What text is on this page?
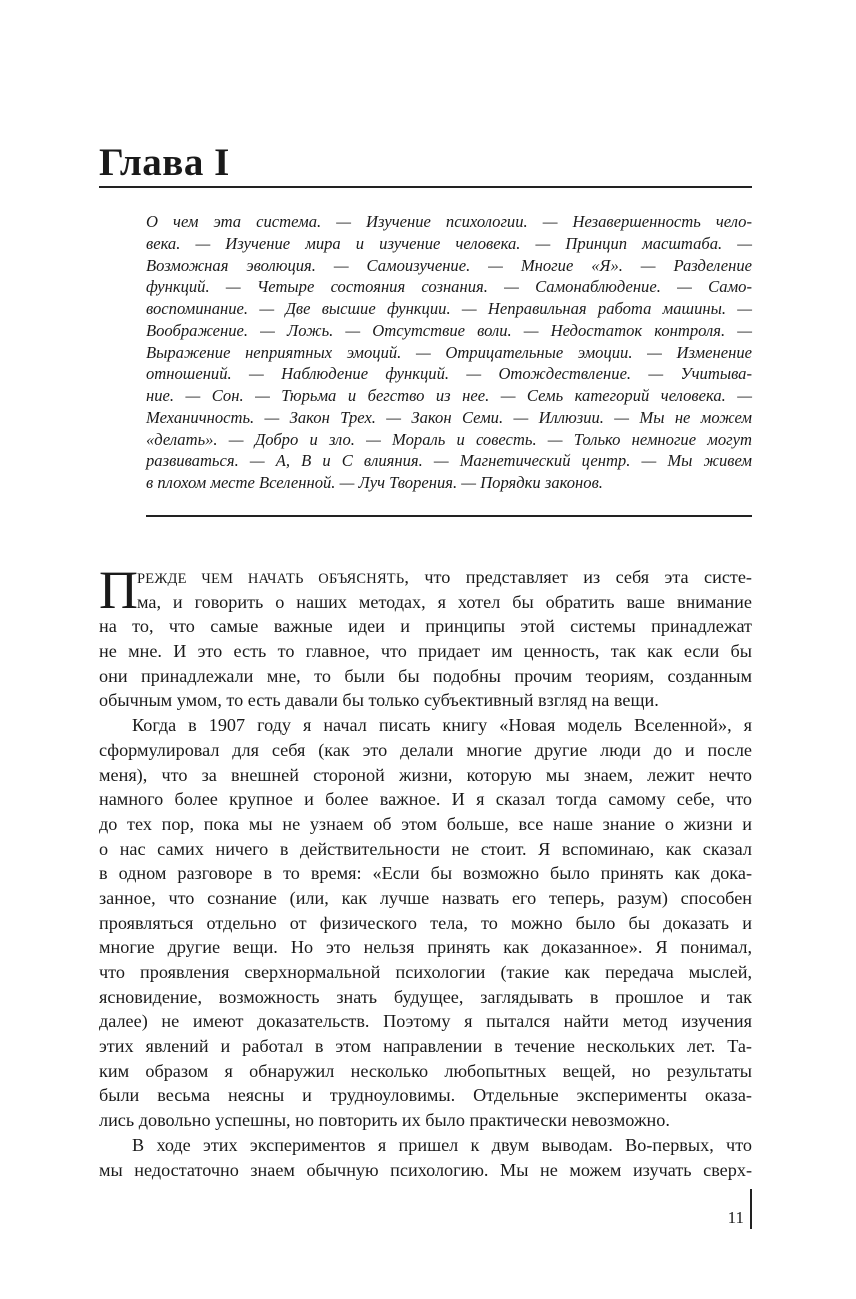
Глава I
О чем эта система. — Изучение психологии. — Незавершенность чело-
века. — Изучение мира и изучение человека. — Принцип масштаба. —
Возможная эволюция. — Самоизучение. — Многие «Я». — Разделение
функций. — Четыре состояния сознания. — Самонаблюдение. — Само-
воспоминание. — Две высшие функции. — Неправильная работа машины. —
Воображение. — Ложь. — Отсутствие воли. — Недостаток контроля. —
Выражение неприятных эмоций. — Отрицательные эмоции. — Изменение
отношений. — Наблюдение функций. — Отождествление. — Учитыва-
ние. — Сон. — Тюрьма и бегство из нее. — Семь категорий человека. —
Механичность. — Закон Трех. — Закон Семи. — Иллюзии. — Мы не можем
«делать». — Добро и зло. — Мораль и совесть. — Только немногие могут
развиваться. — А, В и С влияния. — Магнетический центр. — Мы живем
в плохом месте Вселенной. — Луч Творения. — Порядки законов.
П РЕЖДЕ ЧЕМ НАЧАТЬ ОБЪЯСНЯТЬ, что представляет из себя эта систе-
ма, и говорить о наших методах, я хотел бы обратить ваше внимание
на то, что самые важные идеи и принципы этой системы принадлежат
не мне. И это есть то главное, что придает им ценность, так как если бы
они принадлежали мне, то были бы подобны прочим теориям, созданным
обычным умом, то есть давали бы только субъективный взгляд на вещи.
Когда в 1907 году я начал писать книгу «Новая модель Вселенной», я
сформулировал для себя (как это делали многие другие люди до и после
меня), что за внешней стороной жизни, которую мы знаем, лежит нечто
намного более крупное и более важное. И я сказал тогда самому себе, что
до тех пор, пока мы не узнаем об этом больше, все наше знание о жизни и
о нас самих ничего в действительности не стоит. Я вспоминаю, как сказал
в одном разговоре в то время: «Если бы возможно было принять как дока-
занное, что сознание (или, как лучше назвать его теперь, разум) способен
проявляться отдельно от физического тела, то можно было бы доказать и
многие другие вещи. Но это нельзя принять как доказанное». Я понимал,
что проявления сверхнормальной психологии (такие как передача мыслей,
ясновидение, возможность знать будущее, заглядывать в прошлое и так
далее) не имеют доказательств. Поэтому я пытался найти метод изучения
этих явлений и работал в этом направлении в течение нескольких лет. Та-
ким образом я обнаружил несколько любопытных вещей, но результаты
были весьма неясны и трудноуловимы. Отдельные эксперименты оказа-
лись довольно успешны, но повторить их было практически невозможно.
В ходе этих экспериментов я пришел к двум выводам. Во-первых, что
мы недостаточно знаем обычную психологию. Мы не можем изучать сверх-
11
